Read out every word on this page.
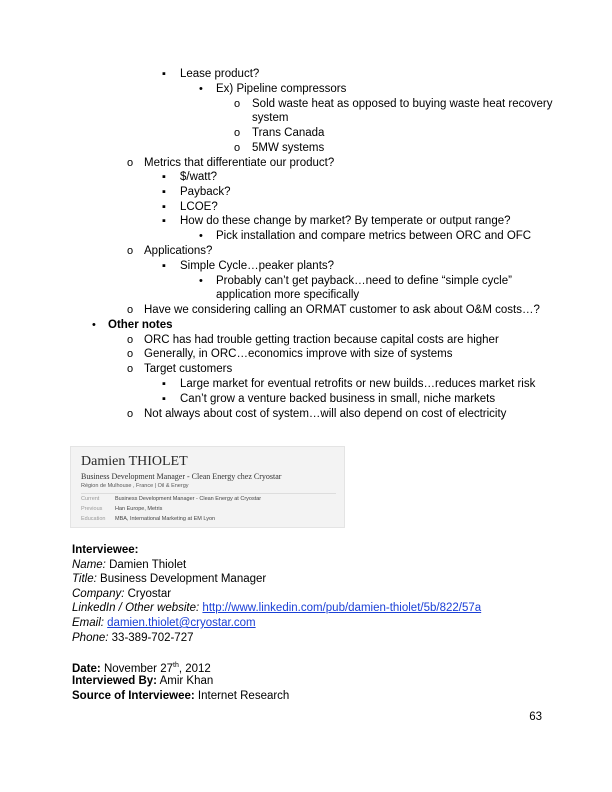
▪ Lease product?
• Ex) Pipeline compressors
o Sold waste heat as opposed to buying waste heat recovery
system
o Trans Canada
o 5MW systems
o Metrics that differentiate our product?
▪ $/watt?
▪ Payback?
▪ LCOE?
▪ How do these change by market? By temperate or output range?
• Pick installation and compare metrics between ORC and OFC
o Applications?
▪ Simple Cycle…peaker plants?
• Probably can’t get payback…need to define “simple cycle”
application more specifically
o Have we considering calling an ORMAT customer to ask about O&M costs…?
• Other notes
o ORC has had trouble getting traction because capital costs are higher
o Generally, in ORC…economics improve with size of systems
o Target customers
▪ Large market for eventual retrofits or new builds…reduces market risk
▪ Can’t grow a venture backed business in small, niche markets
o Not always about cost of system…will also depend on cost of electricity
Damien THIOLET
Business Development Manager - Clean Energy chez Cryostar
Région de Mulhouse , France | Oil & Energy
Current	Business Development Manager - Clean Energy at Cryostar
Previous Han Europe, Metris
Education MBA, International Marketing at EM Lyon
Interviewee:
Name: Damien Thiolet
Title: Business Development Manager
Company: Cryostar
LinkedIn / Other website: http://www.linkedin.com/pub/damien-thiolet/5b/822/57a
Email: damien.thiolet@cryostar.com
Phone: 33-389-702-727
Date: November 27th, 2012
Interviewed By: Amir Khan
Source of Interviewee: Internet Research
63
